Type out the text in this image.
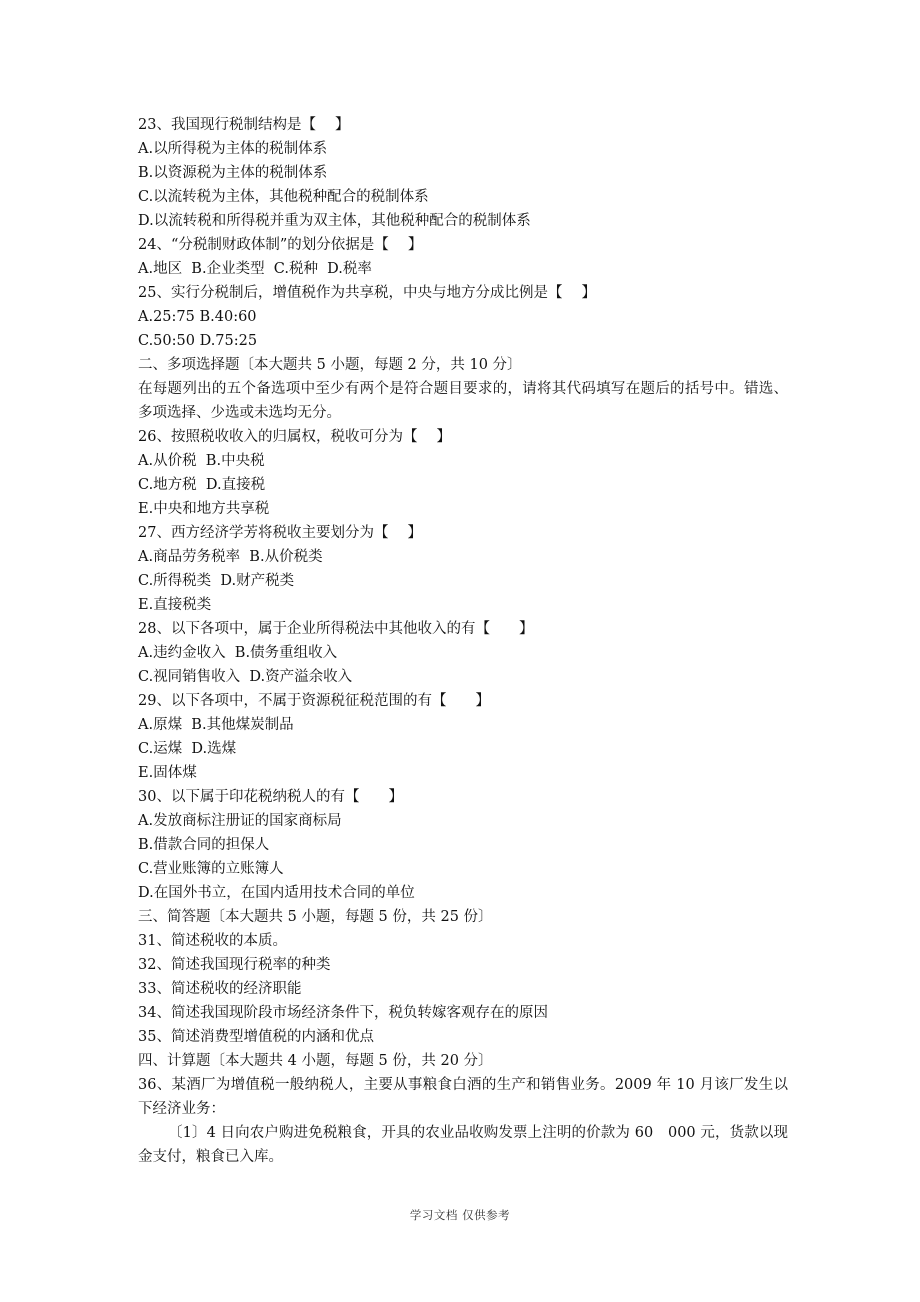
23、我国现行税制结构是【　 】
A.以所得税为主体的税制体系
B.以资源税为主体的税制体系
C.以流转税为主体，其他税种配合的税制体系
D.以流转税和所得税并重为双主体，其他税种配合的税制体系
24、“分税制财政体制”的划分依据是【　 】
A.地区  B.企业类型  C.税种  D.税率
25、实行分税制后，增值税作为共享税，中央与地方分成比例是【　 】
A.25:75 B.40:60
C.50:50 D.75:25
二、多项选择题〔本大题共 5 小题，每题 2 分，共 10 分〕
在每题列出的五个备选项中至少有两个是符合题目要求的，请将其代码填写在题后的括号中。错选、多项选择、少选或未选均无分。
26、按照税收收入的归属权，税收可分为【　 】
A.从价税  B.中央税
C.地方税  D.直接税
E.中央和地方共享税
27、西方经济学芳将税收主要划分为【　 】
A.商品劳务税率  B.从价税类
C.所得税类  D.财产税类
E.直接税类
28、以下各项中，属于企业所得税法中其他收入的有【　　】
A.违约金收入  B.债务重组收入
C.视同销售收入  D.资产溢余收入
29、以下各项中，不属于资源税征税范围的有【　　】
A.原煤  B.其他煤炭制品
C.运煤  D.选煤
E.固体煤
30、以下属于印花税纳税人的有【　　】
A.发放商标注册证的国家商标局
B.借款合同的担保人
C.营业账簿的立账簿人
D.在国外书立，在国内适用技术合同的单位
三、简答题〔本大题共 5 小题，每题 5 份，共 25 份〕
31、简述税收的本质。
32、简述我国现行税率的种类
33、简述税收的经济职能
34、简述我国现阶段市场经济条件下，税负转嫁客观存在的原因
35、简述消费型增值税的内涵和优点
四、计算题〔本大题共 4 小题，每题 5 份，共 20 分〕
36、某酒厂为增值税一般纳税人，主要从事粮食白酒的生产和销售业务。2009 年 10 月该厂发生以下经济业务：
〔1〕4 日向农户购进免税粮食，开具的农业品收购发票上注明的价款为 60　000 元，货款以现金支付，粮食已入库。
学习文档 仅供参考
